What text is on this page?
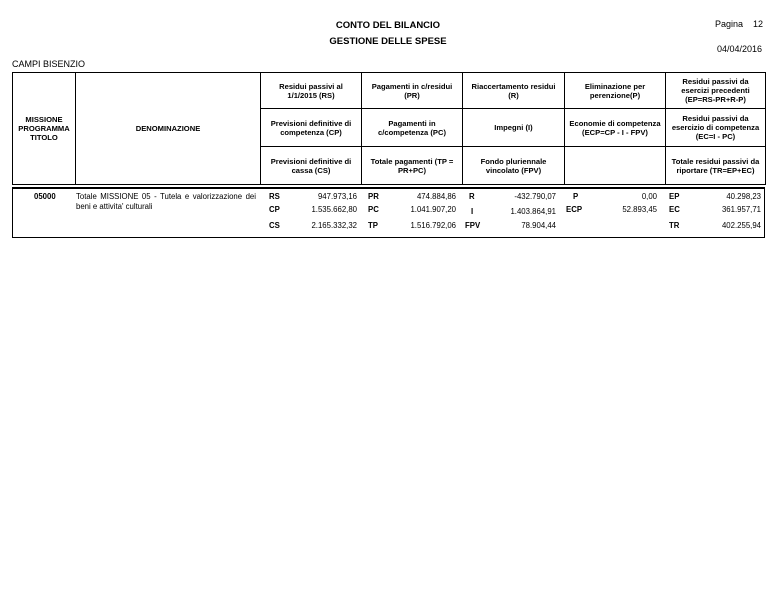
CONTO DEL BILANCIO
GESTIONE DELLE SPESE
Pagina 12
04/04/2016
CAMPI BISENZIO
MISSIONE
PROGRAMMA
TITOLO	DENOMINAZIONE	Residui passivi al 1/1/2015 (RS)	Pagamenti in c/residui (PR)	Riaccertamento residui (R)	Eliminazione per perenzione(P)	Residui passivi da esercizi precedenti (EP=RS-PR+R-P)
		Previsioni definitive di competenza (CP)	Pagamenti in c/competenza (PC)	Impegni (I)	Economie di competenza (ECP=CP - I - FPV)	Residui passivi da esercizio di competenza (EC=I - PC)
		Previsioni definitive di cassa (CS)	Totale pagamenti (TP = PR+PC)	Fondo pluriennale vincolato (FPV)		Totale residui passivi da riportare (TR=EP+EC)
05000	Totale MISSIONE 05 - Tutela e valorizzazione dei beni e attivita' culturali
RS	947.973,16 PR	474.884,86 R	-432.790,07 P	0,00 EP	40.298,23
CP	1.535.662,80 PC	1.041.907,20 I	1.403.864,91 ECP	52.893,45 EC	361.957,71
CS	2.165.332,32 TP	1.516.792,06 FPV	78.904,44	TR	402.255,94
